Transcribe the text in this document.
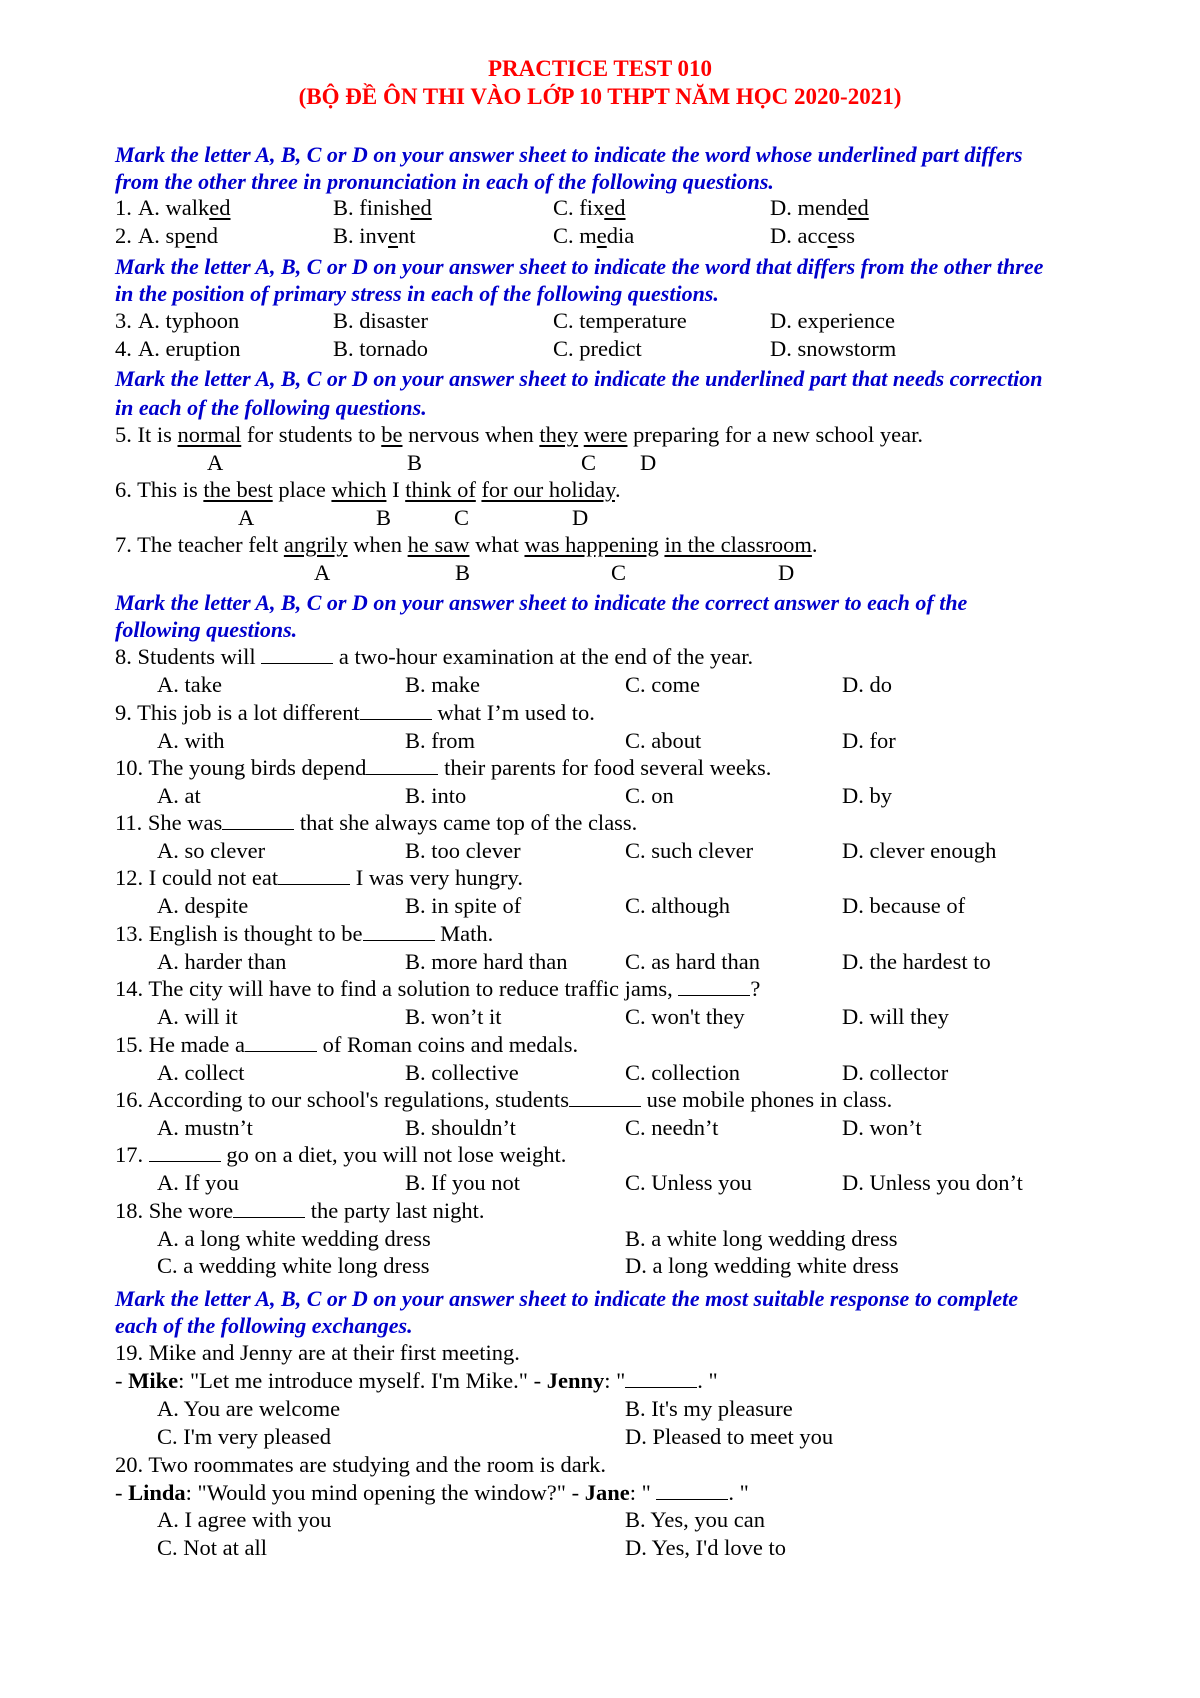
PRACTICE TEST 010
(BỘ ĐỀ ÔN THI VÀO LỚP 10 THPT NĂM HỌC 2020-2021)
Mark the letter A, B, C or D on your answer sheet to indicate the word whose underlined part differs
from the other three in pronunciation in each of the following questions.
1. A. walked	B. finished	C. fixed	D. mended
2. A. spend	B. invent	C. media	D. access
Mark the letter A, B, C or D on your answer sheet to indicate the word that differs from the other three
in the position of primary stress in each of the following questions.
3. A. typhoon	B. disaster	C. temperature	D. experience
4. A. eruption	B. tornado	C. predict	D. snowstorm
Mark the letter A, B, C or D on your answer sheet to indicate the underlined part that needs correction
in each of the following questions.
5. It is normal for students to be nervous when they were preparing for a new school year.
A	B	C D
6. This is the best place which I think of for our holiday.
A	B	C	D
7. The teacher felt angrily when he saw what was happening in the classroom.
A	B	C	D
Mark the letter A, B, C or D on your answer sheet to indicate the correct answer to each of the
following questions.
8. Students will	a two-hour examination at the end of the year.
A. take	B. make	C. come	D. do
9. This job is a lot different	what I’m used to.
A. with	B. from	C. about	D. for
10. The young birds depend	their parents for food several weeks.
A. at	B. into	C. on	D. by
11. She was	that she always came top of the class.
A. so clever	B. too clever	C. such clever	D. clever enough
12. I could not eat	I was very hungry.
A. despite	B. in spite of	C. although	D. because of
13. English is thought to be	Math.
A. harder than	B. more hard than	C. as hard than	D. the hardest to
14. The city will have to find a solution to reduce traffic jams,	?
A. will it	B. won’t it	C. won't they	D. will they
15. He made a	of Roman coins and medals.
A. collect	B. collective	C. collection	D. collector
16. According to our school's regulations, students	use mobile phones in class.
A. mustn’t	B. shouldn’t	C. needn’t	D. won’t
17.	go on a diet, you will not lose weight.
A. If you	B. If you not	C. Unless you	D. Unless you don’t
18. She wore	the party last night.
A. a long white wedding dress	B. a white long wedding dress
C. a wedding white long dress	D. a long wedding white dress
Mark the letter A, B, C or D on your answer sheet to indicate the most suitable response to complete
each of the following exchanges.
19. Mike and Jenny are at their first meeting.
- Mike: "Let me introduce myself. I'm Mike." - Jenny: "	. "
A. You are welcome	B. It's my pleasure
C. I'm very pleased	D. Pleased to meet you
20. Two roommates are studying and the room is dark.
- Linda: "Would you mind opening the window?" - Jane: "	. "
A. I agree with you	B. Yes, you can
C. Not at all	D. Yes, I'd love to
